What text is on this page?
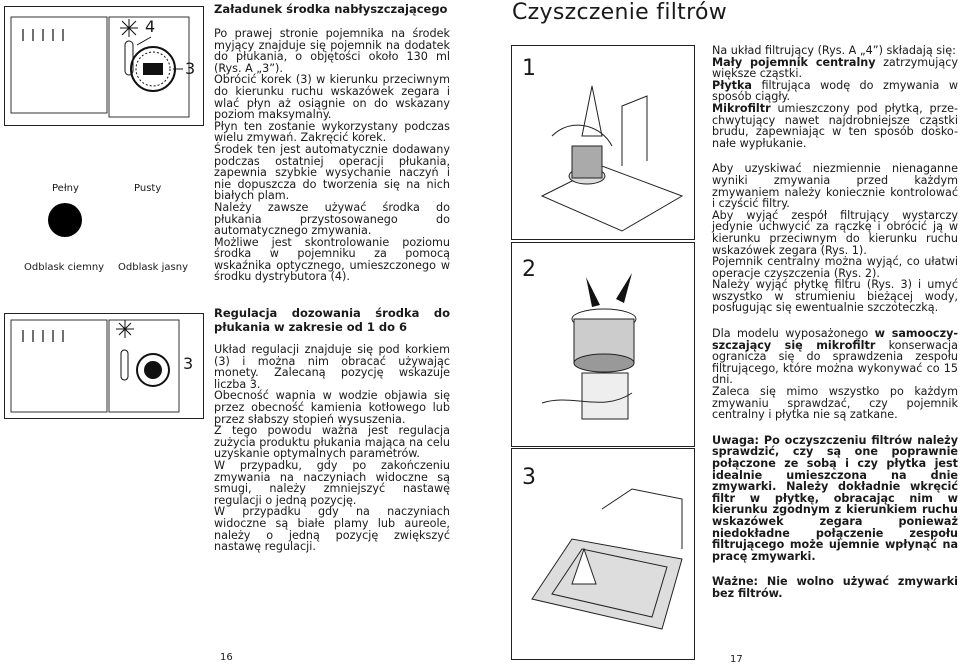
4
3
Pełny	Pusty
Odblask ciemny Odblask jasny
3

Załadunek środka nabłyszczającego

Po prawej stronie pojemnika na środek myjący znajduje się pojemnik na dodatek do płukania, o objętości około 130 ml (Rys. A „3”).

Obrócić korek (3) w kierunku przeciwnym do kierunku ruchu wskazówek zegara i wlać płyn aż osiągnie on do wskazany poziom maksymalny.

Płyn ten zostanie wykorzystany podczas wielu zmywań. Zakręcić korek.

Środek ten jest automatycznie dodawany podczas ostatniej operacji płukania, zapewnia szybkie wysychanie naczyń i nie dopuszcza do tworzenia się na nich białych plam.

Należy zawsze używać środka do płukania przystosowanego do automatycznego zmywania.

Możliwe jest skontrolowanie poziomu środka w pojemniku za pomocą wskaźnika optycznego, umieszczonego w środku dystrybutora (4).

Regulacja dozowania środka do płukania w zakresie od 1 do 6

Układ regulacji znajduje się pod korkiem (3) i można nim obracać używając monety. Zalecaną pozycję wskazuje liczba 3.

Obecność wapnia w wodzie objawia się przez obecność kamienia kotłowego lub przez słabszy stopień wysuszenia.

Z tego powodu ważna jest regulacja zużycia produktu płukania mająca na celu uzyskanie optymalnych parametrów.

W przypadku, gdy po zakończeniu zmywania na naczyniach widoczne są smugi, należy zmniejszyć nastawę regulacji o jedną pozycję.

W przypadku gdy na naczyniach widoczne są białe plamy lub aureole, należy o jedną pozycję zwiększyć nastawę regulacji.

16
Czyszczenie filtrów
1
2
3

Na układ filtrujący (Rys. A „4”) składają się:

Mały pojemnik centralny zatrzymujący większe cząstki.

Płytka filtrująca wodę do zmywania w sposób ciągły.

Mikrofiltr umieszczony pod płytką, prze-chwytujący nawet najdrobniejsze cząstki brudu, zapewniając w ten sposób dosko-nałe wypłukanie.

Aby uzyskiwać niezmiennie nienaganne wyniki zmywania przed każdym zmywaniem należy koniecznie kontrolować i czyścić filtry.

Aby wyjąć zespół filtrujący wystarczy jedynie uchwycić za rączkę i obrócić ją w kierunku przeciwnym do kierunku ruchu wskazówek zegara (Rys. 1).

Pojemnik centralny można wyjąć, co ułatwi operacje czyszczenia (Rys. 2).

Należy wyjąć płytkę filtru (Rys. 3) i umyć wszystko w strumieniu bieżącej wody, posługując się ewentualnie szczoteczką.

Dla modelu wyposażonego w samooczy-szczający się mikrofiltr konserwacja ogranicza się do sprawdzenia zespołu filtrującego, które można wykonywać co 15 dni.

Zaleca się mimo wszystko po każdym zmywaniu sprawdzać, czy pojemnik centralny i płytka nie są zatkane.

Uwaga: Po oczyszczeniu filtrów należy sprawdzić, czy są one poprawnie połączone ze sobą i czy płytka jest idealnie umieszczona na dnie zmywarki. Należy dokładnie wkręcić filtr w płytkę, obracając nim w kierunku zgodnym z kierunkiem ruchu wskazówek zegara ponieważ niedokładne połączenie zespołu filtrującego może ujemnie wpłynąć na pracę zmywarki.

Ważne: Nie wolno używać zmywarki bez filtrów.

17
